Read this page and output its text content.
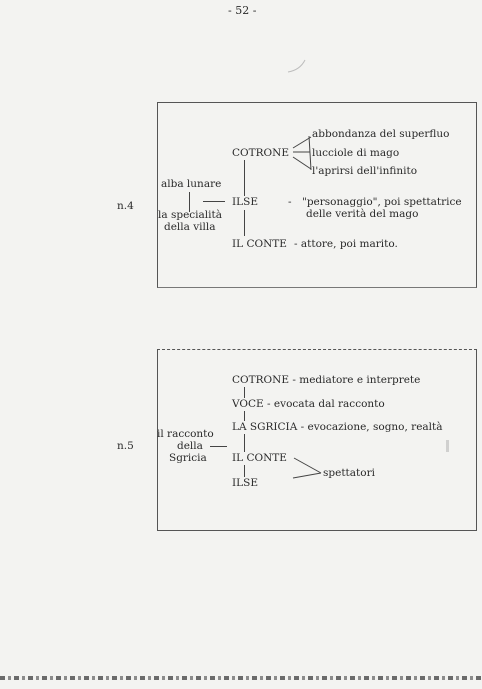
- 52 -
n.4
alba lunare
la specialità
della villa
COTRONE
ILSE
IL CONTE
abbondanza del superfluo
lucciole di mago
l'aprirsi dell'infinito
- "personaggio", poi spettatrice
delle verità del mago
- attore, poi marito.
n.5
il racconto
della
Sgricia
COTRONE - mediatore e interprete
VOCE - evocata dal racconto
LA SGRICIA - evocazione, sogno, realtà
IL CONTE
ILSE
spettatori
